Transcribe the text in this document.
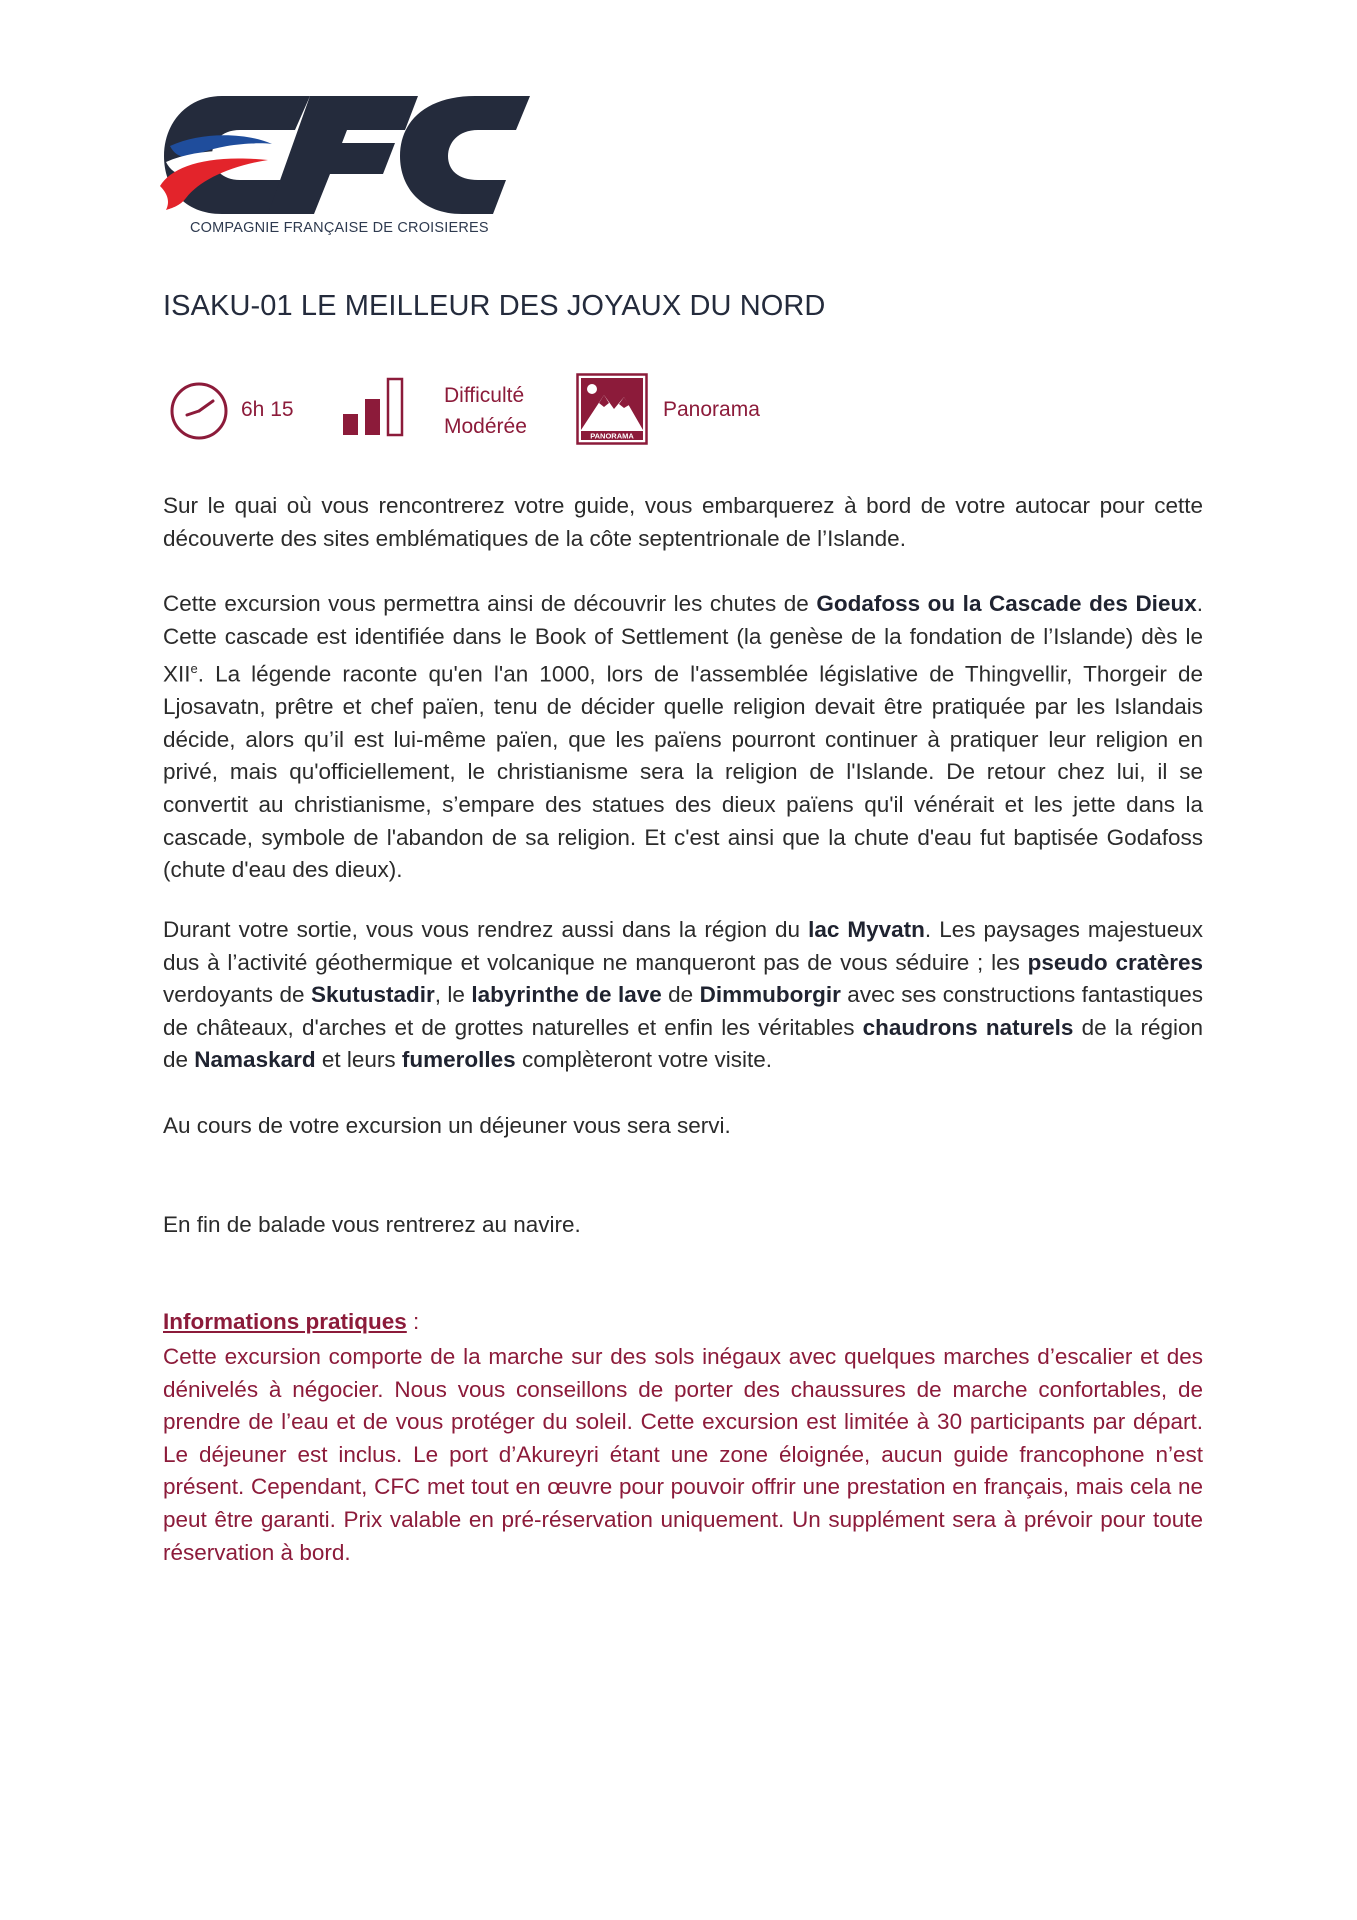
COMPAGNIE FRANÇAISE DE CROISIERES
ISAKU-01 LE MEILLEUR DES JOYAUX DU NORD
6h 15
Difficulté
Modérée	PANORAMA
Panorama

Sur le quai où vous rencontrerez votre guide, vous embarquerez à bord de votre autocar pour cette découverte des sites emblématiques de la côte septentrionale de l’Islande.

Cette excursion vous permettra ainsi de découvrir les chutes de Godafoss ou la Cascade des Dieux. Cette cascade est identifiée dans le Book of Settlement (la genèse de la fondation de l’Islande) dès le XIIe. La légende raconte qu'en l'an 1000, lors de l'assemblée législative de Thingvellir, Thorgeir de Ljosavatn, prêtre et chef païen, tenu de décider quelle religion devait être pratiquée par les Islandais décide, alors qu’il est lui-même païen, que les païens pourront continuer à pratiquer leur religion en privé, mais qu'officiellement, le christianisme sera la religion de l'Islande. De retour chez lui, il se convertit au christianisme, s’empare des statues des dieux païens qu'il vénérait et les jette dans la cascade, symbole de l'abandon de sa religion. Et c'est ainsi que la chute d'eau fut baptisée Godafoss (chute d'eau des dieux).

Durant votre sortie, vous vous rendrez aussi dans la région du lac Myvatn. Les paysages majestueux dus à l’activité géothermique et volcanique ne manqueront pas de vous séduire ; les pseudo cratères verdoyants de Skutustadir, le labyrinthe de lave de Dimmuborgir avec ses constructions fantastiques de châteaux, d'arches et de grottes naturelles et enfin les véritables chaudrons naturels de la région de Namaskard et leurs fumerolles complèteront votre visite.

Au cours de votre excursion un déjeuner vous sera servi.

En fin de balade vous rentrerez au navire.

Informations pratiques :

Cette excursion comporte de la marche sur des sols inégaux avec quelques marches d’escalier et des dénivelés à négocier. Nous vous conseillons de porter des chaussures de marche confortables, de prendre de l’eau et de vous protéger du soleil. Cette excursion est limitée à 30 participants par départ. Le déjeuner est inclus. Le port d’Akureyri étant une zone éloignée, aucun guide francophone n’est présent. Cependant, CFC met tout en œuvre pour pouvoir offrir une prestation en français, mais cela ne peut être garanti. Prix valable en pré-réservation uniquement. Un supplément sera à prévoir pour toute réservation à bord.
